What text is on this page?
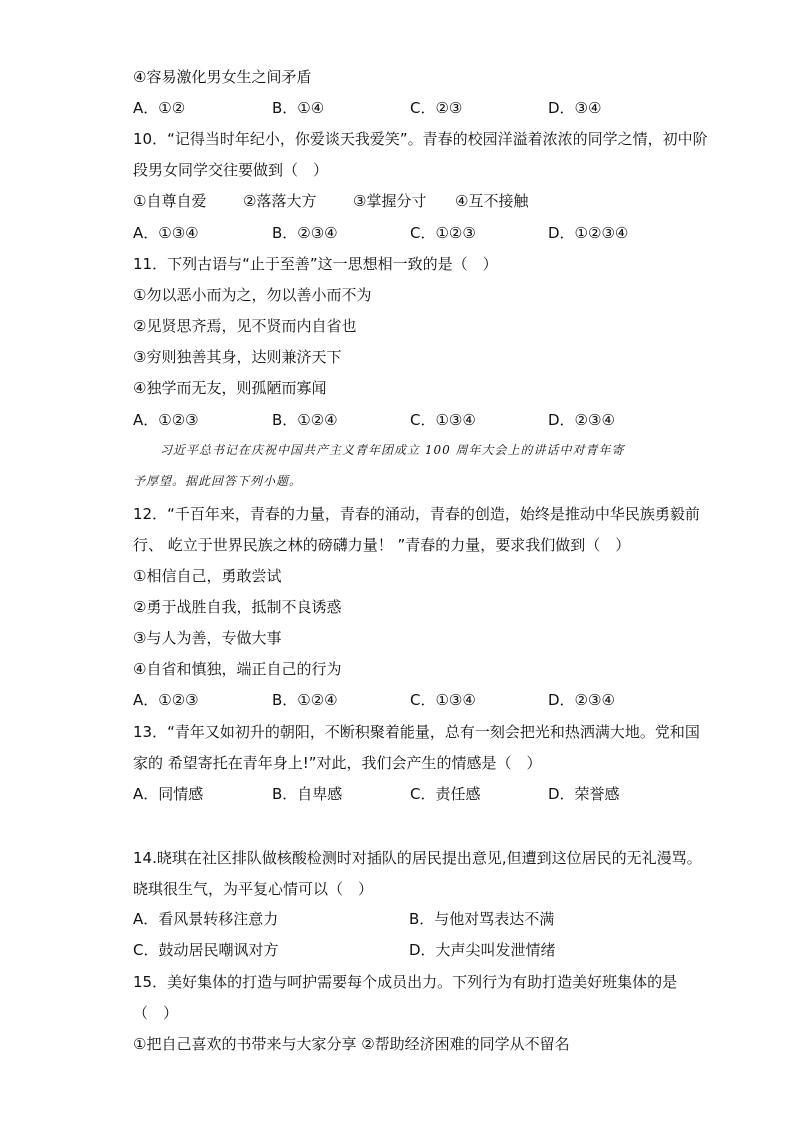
④容易激化男女生之间矛盾
A．①②	B．①④	C．②③	D．③④
10．“记得当时年纪小，你爱谈天我爱笑”。青春的校园洋溢着浓浓的同学之情，初中阶
段男女同学交往要做到（　）
①自尊自爱 ②落落大方 ③掌握分寸 ④互不接触
A．①③④	B．②③④	C．①②③	D．①②③④
11．下列古语与“止于至善”这一思想相一致的是（　）
①勿以恶小而为之，勿以善小而不为
②见贤思齐焉，见不贤而内自省也
③穷则独善其身，达则兼济天下
④独学而无友，则孤陋而寡闻
A．①②③	B．①②④	C．①③④	D．②③④
习近平总书记在庆祝中国共产主义青年团成立 100 周年大会上的讲话中对青年寄
予厚望。据此回答下列小题。
12．“千百年来，青春的力量，青春的涌动，青春的创造，始终是推动中华民族勇毅前
行、 屹立于世界民族之林的磅礴力量！ ”青春的力量，要求我们做到（　）
①相信自己，勇敢尝试
②勇于战胜自我，抵制不良诱惑
③与人为善，专做大事
④自省和慎独，端正自己的行为
A．①②③	B．①②④	C．①③④	D．②③④
13．“青年又如初升的朝阳，不断积聚着能量，总有一刻会把光和热洒满大地。党和国
家的 希望寄托在青年身上!”对此，我们会产生的情感是（　）
A．同情感	B．自卑感	C．责任感	D．荣誉感
14.晓琪在社区排队做核酸检测时对插队的居民提出意见,但遭到这位居民的无礼漫骂。
晓琪很生气，为平复心情可以（　）
A．看风景转移注意力	B．与他对骂表达不满
C．鼓动居民嘲讽对方	D．大声尖叫发泄情绪
15．美好集体的打造与呵护需要每个成员出力。下列行为有助打造美好班集体的是
（　）
①把自己喜欢的书带来与大家分享 ②帮助经济困难的同学从不留名
